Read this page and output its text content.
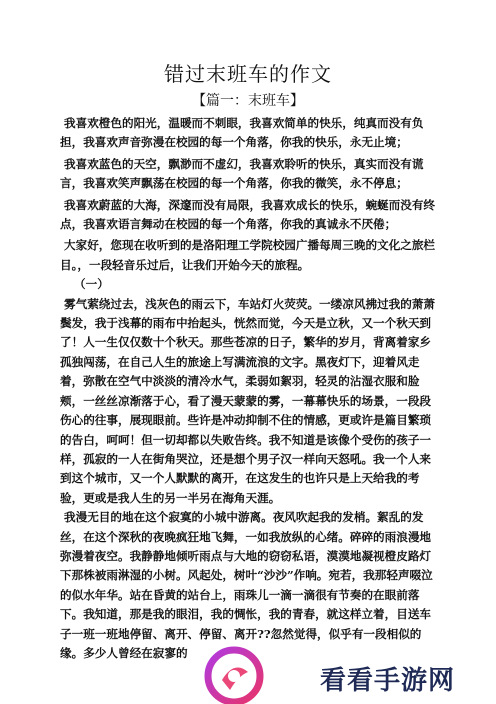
错过末班车的作文
【篇一：末班车】

我喜欢橙色的阳光，温暖而不刺眼，我喜欢简单的快乐，纯真而没有负担，我喜欢声音弥漫在校园的每一个角落，你我的快乐，永无止境；

我喜欢蓝色的天空，飘渺而不虚幻，我喜欢聆听的快乐，真实而没有谎言，我喜欢笑声飘荡在校园的每一个角落，你我的微笑，永不停息；

我喜欢蔚蓝的大海，深邃而没有局限，我喜欢成长的快乐，蜿蜒而没有终点，我喜欢语言舞动在校园的每一个角落，你我的真诚永不厌倦；

大家好，您现在收听到的是洛阳理工学院校园广播每周三晚的文化之旅栏目。，一段轻音乐过后，让我们开始今天的旅程。

（一）

雾气萦绕过去，浅灰色的雨云下，车站灯火荧荧。一缕凉风拂过我的萧萧鬓发，我于浅幕的雨布中抬起头，恍然而觉，今天是立秋，又一个秋天到了！人一生仅仅数十个秋天。那些苍凉的日子，繁华的岁月，背离着家乡孤独闯荡，在自己人生的旅途上写满流浪的文字。黑夜灯下，迎着风走着，弥散在空气中淡淡的清冷水气，柔弱如絮羽，轻灵的沾湿衣服和脸颊，一丝丝凉渐落于心，看了漫天蒙蒙的雾，一幕幕快乐的场景，一段段伤心的往事，展现眼前。些许是冲动抑制不住的情感，更或许是篇目繁琐的告白，呵呵！但一切却都以失败告终。我不知道是该像个受伤的孩子一样，孤寂的一人在街角哭泣，还是想个男子汉一样向天怒吼。我一个人来到这个城市，又一个人默默的离开，在这发生的也许只是上天给我的考验，更或是我人生的另一半另在海角天涯。

我漫无目的地在这个寂寞的小城中游离。夜风吹起我的发梢。絮乱的发丝，在这个深秋的夜晚疯狂地飞舞，一如我放纵的心绪。碎碎的雨浪漫地弥漫着夜空。我静静地倾听雨点与大地的窃窃私语，漠漠地凝视橙皮路灯下那株被雨淋湿的小树。风起处，树叶“沙沙”作响。宛若，我那轻声啜泣的似水年华。站在昏黄的站台上，雨珠儿一滴一滴很有节奏的在眼前落下。我知道，那是我的眼泪，我的惆怅，我的青春，就这样立着，目送车子一班一班地停留、离开、停留、离开??忽然觉得，似乎有一段相似的缘。多少人曾经在寂寥的

看看手游网
